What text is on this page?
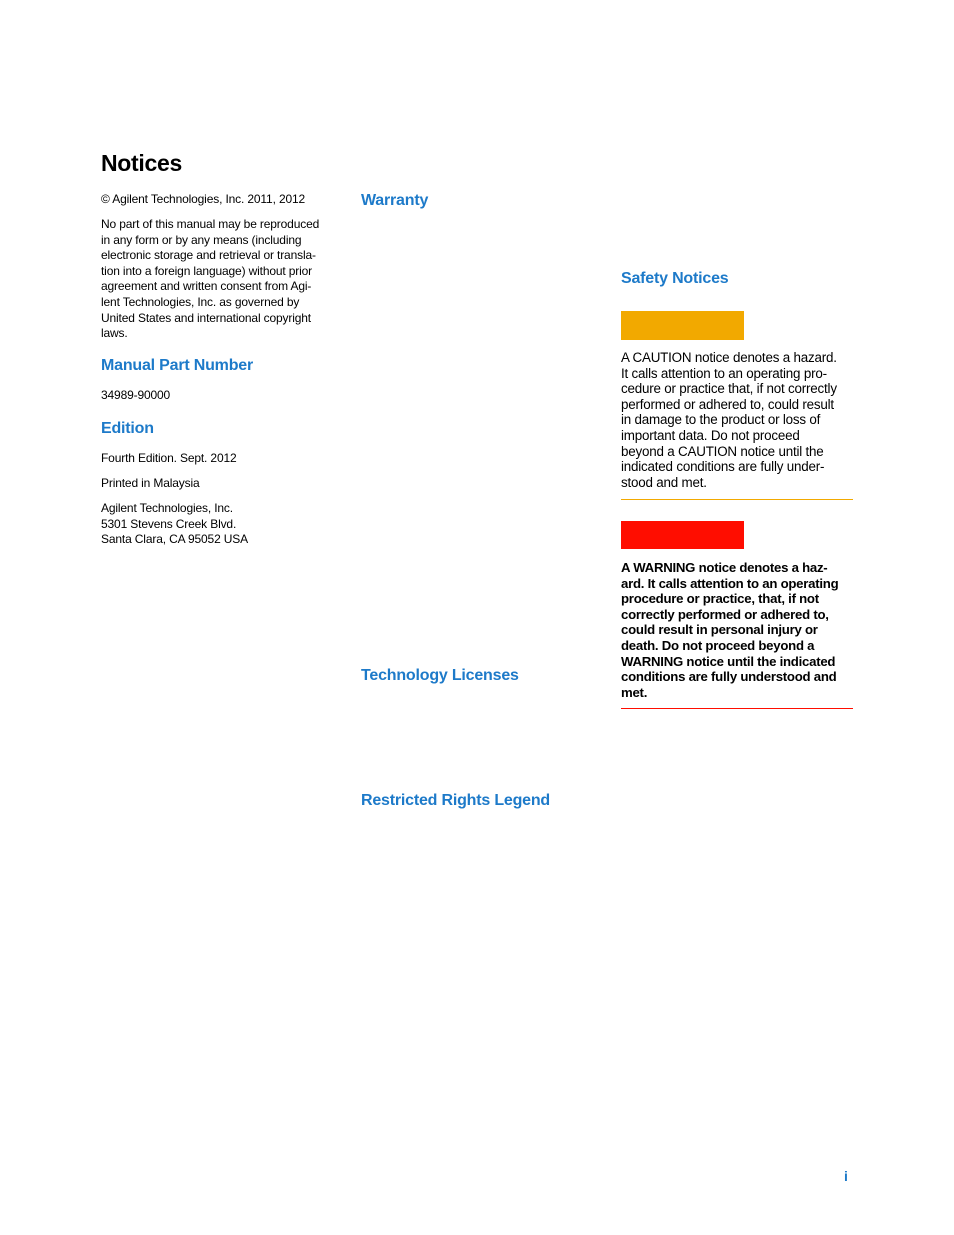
Notices

© Agilent Technologies, Inc. 2011, 2012

No part of this manual may be reproduced
in any form or by any means (including
electronic storage and retrieval or transla-
tion into a foreign language) without prior
agreement and written consent from Agi-
lent Technologies, Inc. as governed by
United States and international copyright
laws.
Manual Part Number

34989-90000

Edition

Fourth Edition. Sept. 2012

Printed in Malaysia

Agilent Technologies, Inc.
5301 Stevens Creek Blvd.
Santa Clara, CA 95052 USA
Warranty
Technology Licenses
Restricted Rights Legend
Safety Notices
A CAUTION notice denotes a hazard.
It calls attention to an operating pro-
cedure or practice that, if not correctly
performed or adhered to, could result
in damage to the product or loss of
important data. Do not proceed
beyond a CAUTION notice until the
indicated conditions are fully under-
stood and met.
A WARNING notice denotes a haz-
ard. It calls attention to an operating
procedure or practice, that, if not
correctly performed or adhered to,
could result in personal injury or
death. Do not proceed beyond a
WARNING notice until the indicated
conditions are fully understood and
met.

i
